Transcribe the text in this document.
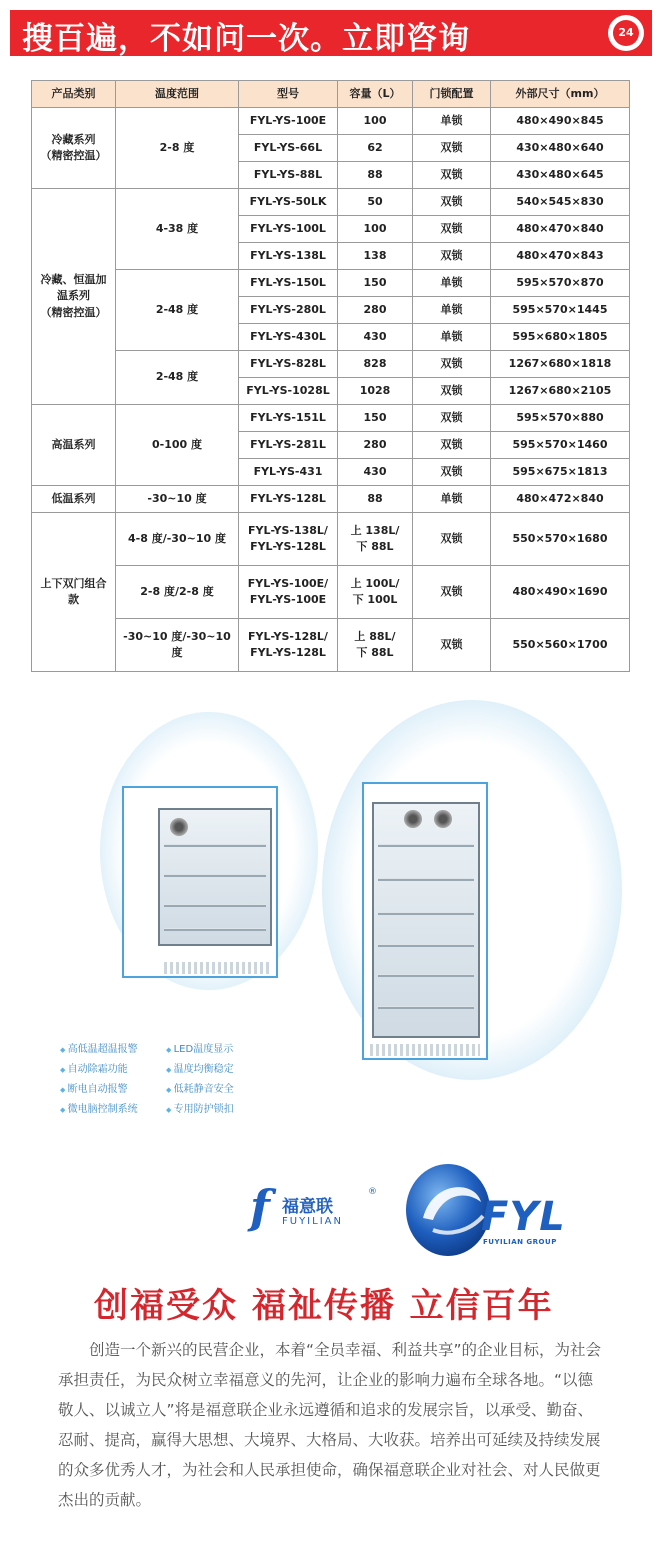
搜百遍，不如问一次。立即咨询	24
产品类别	温度范围	型号	容量（L）	门锁配置	外部尺寸（mm）

冷藏系列
（精密控温）	2-8 度	FYL-YS-100E	100	单锁	480×490×845
		FYL-YS-66L	62	双锁	430×480×640
		FYL-YS-88L	88	双锁	430×480×645

冷藏、恒温加
温系列
（精密控温）	4-38 度	FYL-YS-50LK	50	双锁	540×545×830
		FYL-YS-100L	100	双锁	480×470×840
		FYL-YS-138L	138	双锁	480×470×843
	2-48 度	FYL-YS-150L	150	单锁	595×570×870
		FYL-YS-280L	280	单锁	595×570×1445
		FYL-YS-430L	430	单锁	595×680×1805
	2-48 度	FYL-YS-828L	828	双锁	1267×680×1818
		FYL-YS-1028L	1028	双锁	1267×680×2105
高温系列	0-100 度	FYL-YS-151L	150	双锁	595×570×880
		FYL-YS-281L	280	双锁	595×570×1460
		FYL-YS-431	430	双锁	595×675×1813
低温系列	-30~10 度	FYL-YS-128L	88	单锁	480×472×840

上下双门组合
款	4-8 度/-30~10 度	FYL-YS-138L/
FYL-YS-128L	上 138L/
下 88L	双锁	550×570×1680
	2-8 度/2-8 度	FYL-YS-100E/
FYL-YS-100E	上 100L/
下 100L	双锁	480×490×1690
	-30~10 度/-30~10 度	FYL-YS-128L/
FYL-YS-128L	上 88L/
下 88L	双锁	550×560×1700
◆ 高低温超温报警	◆ LED温度显示
◆ 自动除霜功能	◆ 温度均衡稳定
◆ 断电自动报警	◆ 低耗静音安全
◆ 微电脑控制系统	◆ 专用防护锁扣
f 福意联
®
FUYILIAN	FYL
FUYILIAN GROUP
创福受众 福祉传播 立信百年

创造一个新兴的民营企业，本着“全员幸福、利益共享”的企业目标，为社会承担责任，为民众树立幸福意义的先河，让企业的影响力遍布全球各地。“以德敬人、以诚立人”将是福意联企业永远遵循和追求的发展宗旨，以承受、勤奋、忍耐、提高，赢得大思想、大境界、大格局、大收获。培养出可延续及持续发展的众多优秀人才，为社会和人民承担使命，确保福意联企业对社会、对人民做更杰出的贡献。
